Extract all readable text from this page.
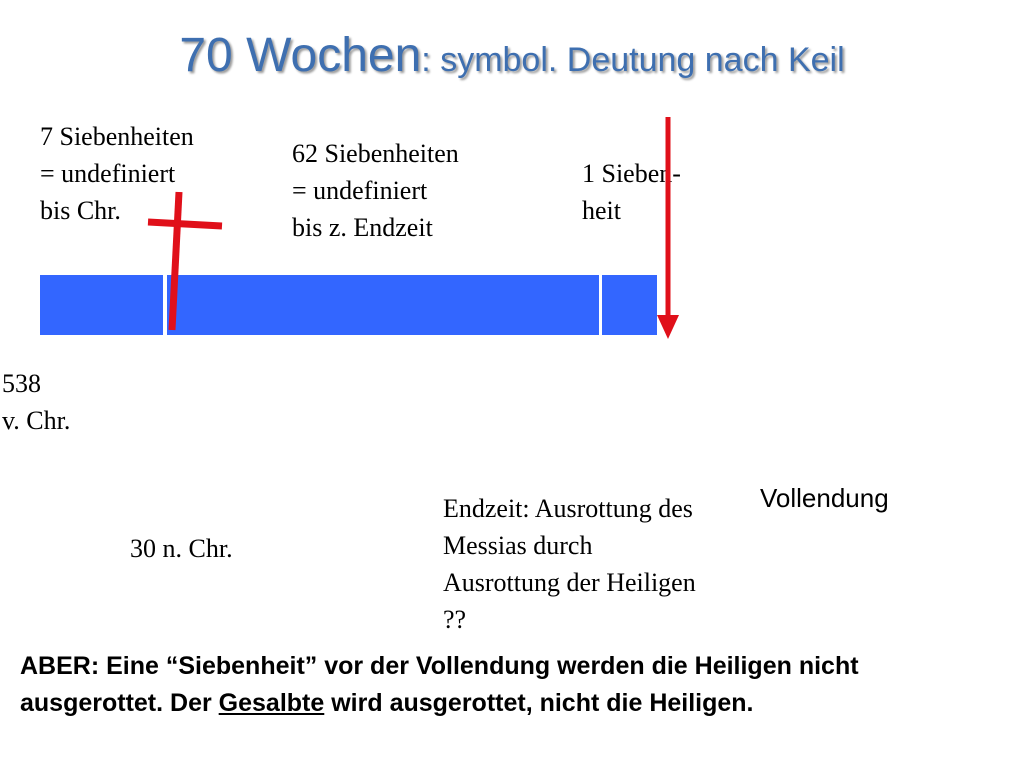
70 Wochen: symbol. Deutung nach Keil
7 Siebenheiten
= undefiniert
bis Chr.
62 Siebenheiten
= undefiniert
bis z. Endzeit
1 Sieben-
heit
538
v. Chr.
30 n. Chr.
Endzeit: Ausrottung des
Messias durch
Ausrottung der Heiligen
??
Vollendung
ABER: Eine “Siebenheit” vor der Vollendung werden die Heiligen nicht ausgerottet. Der Gesalbte wird ausgerottet, nicht die Heiligen.
